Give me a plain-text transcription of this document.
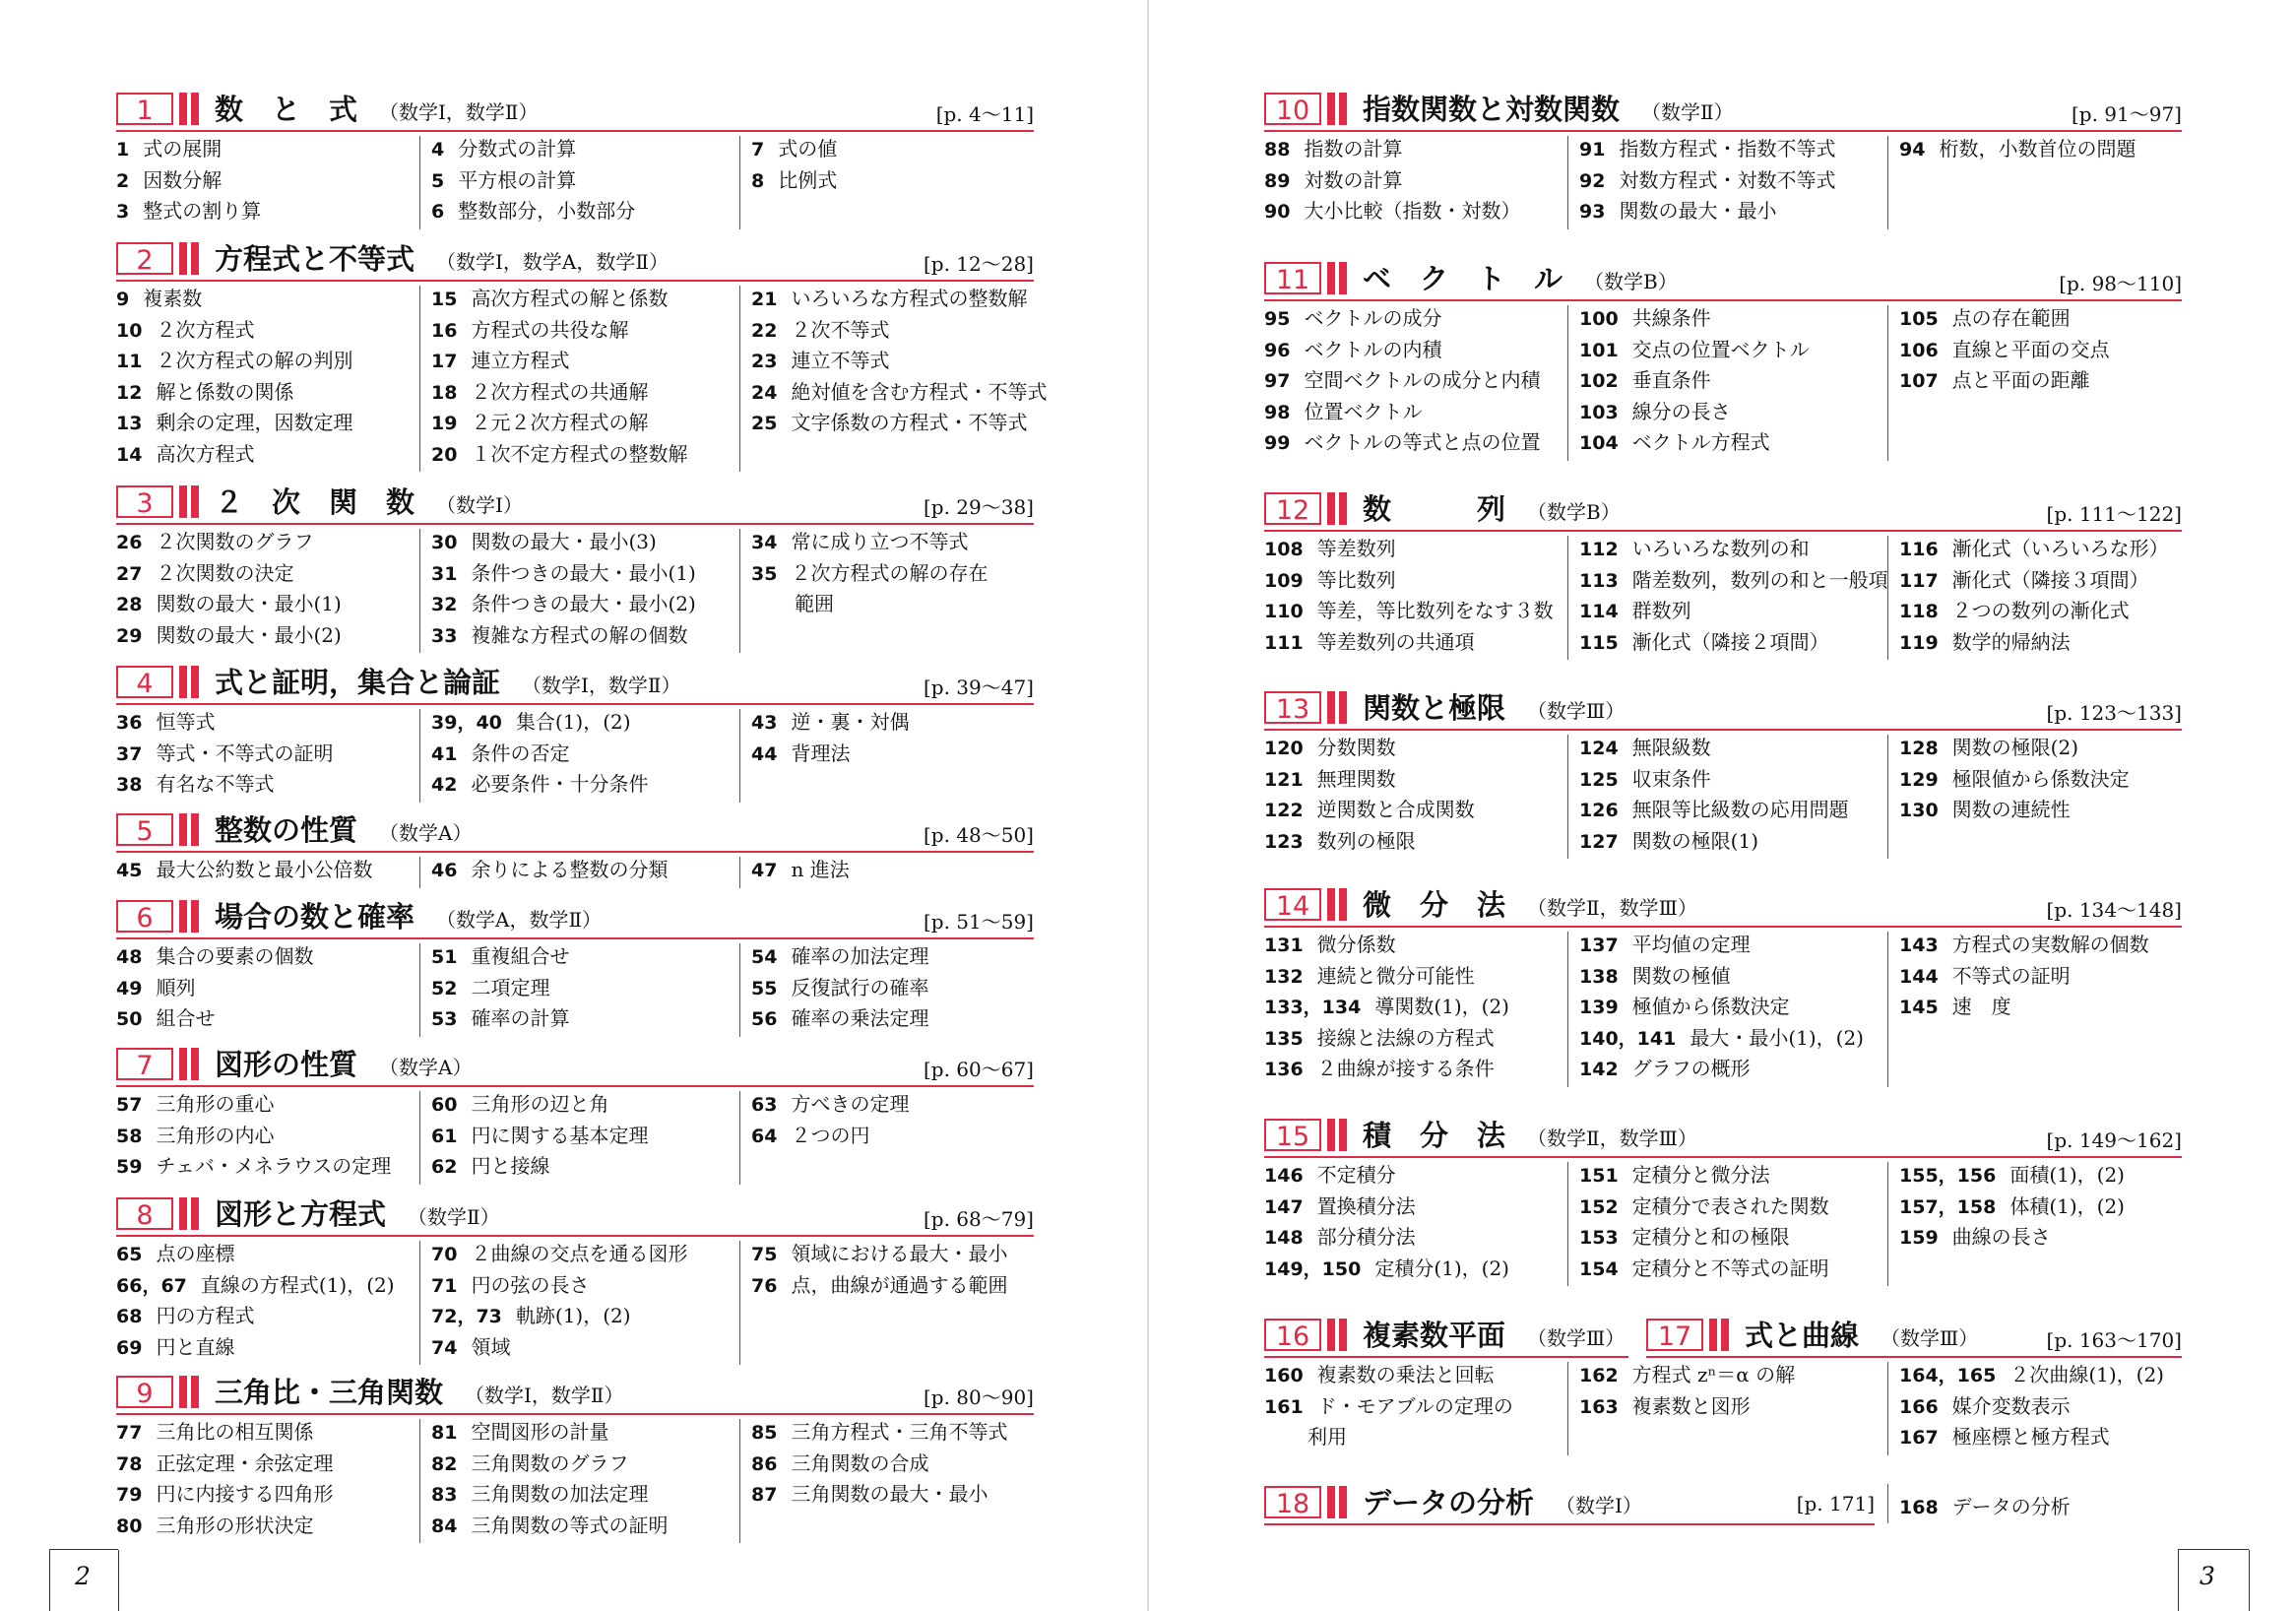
1	数　と　式 （数学Ⅰ，数学Ⅱ）	[p. 4〜11]
1 式の展開
2 因数分解
3 整式の割り算
4 分数式の計算
5 平方根の計算
6 整数部分，小数部分
7 式の値
8 比例式
2	方程式と不等式 （数学Ⅰ，数学A，数学Ⅱ）	[p. 12〜28]
9 複素数
10 ２次方程式
11 ２次方程式の解の判別
12 解と係数の関係
13 剰余の定理，因数定理
14 高次方程式
15 高次方程式の解と係数
16 方程式の共役な解
17 連立方程式
18 ２次方程式の共通解
19 ２元２次方程式の解
20 １次不定方程式の整数解
21 いろいろな方程式の整数解
22 ２次不等式
23 連立不等式
24 絶対値を含む方程式・不等式
25 文字係数の方程式・不等式
3	２　次　関　数 （数学Ⅰ）	[p. 29〜38]
26 ２次関数のグラフ
27 ２次関数の決定
28 関数の最大・最小(1)
29 関数の最大・最小(2)
30 関数の最大・最小(3)
31 条件つきの最大・最小(1)
32 条件つきの最大・最小(2)
33 複雑な方程式の解の個数
34 常に成り立つ不等式
35 ２次方程式の解の存在
範囲
4	式と証明，集合と論証 （数学Ⅰ，数学Ⅱ）	[p. 39〜47]
36 恒等式
37 等式・不等式の証明
38 有名な不等式
39，40 集合(1)，(2)
41 条件の否定
42 必要条件・十分条件
43 逆・裏・対偶
44 背理法
5	整数の性質 （数学A）	[p. 48〜50]
45 最大公約数と最小公倍数	46 余りによる整数の分類	47 n 進法
6	場合の数と確率 （数学A，数学Ⅱ）	[p. 51〜59]
48 集合の要素の個数
49 順列
50 組合せ
51 重複組合せ
52 二項定理
53 確率の計算
54 確率の加法定理
55 反復試行の確率
56 確率の乗法定理
7	図形の性質 （数学A）	[p. 60〜67]
57 三角形の重心
58 三角形の内心
59 チェバ・メネラウスの定理
60 三角形の辺と角
61 円に関する基本定理
62 円と接線
63 方べきの定理
64 ２つの円
8	図形と方程式 （数学Ⅱ）	[p. 68〜79]
65 点の座標
66，67 直線の方程式(1)，(2)
68 円の方程式
69 円と直線
70 ２曲線の交点を通る図形
71 円の弦の長さ
72，73 軌跡(1)，(2)
74 領域
75 領域における最大・最小
76 点，曲線が通過する範囲
9	三角比・三角関数 （数学Ⅰ，数学Ⅱ）	[p. 80〜90]
77 三角比の相互関係
78 正弦定理・余弦定理
79 円に内接する四角形
80 三角形の形状決定
81 空間図形の計量
82 三角関数のグラフ
83 三角関数の加法定理
84 三角関数の等式の証明
85 三角方程式・三角不等式
86 三角関数の合成
87 三角関数の最大・最小
2
10	指数関数と対数関数 （数学Ⅱ）	[p. 91〜97]
88 指数の計算
89 対数の計算
90 大小比較（指数・対数）
91 指数方程式・指数不等式
92 対数方程式・対数不等式
93 関数の最大・最小
94 桁数，小数首位の問題
11	ベ　ク　ト　ル （数学B）	[p. 98〜110]
95 ベクトルの成分
96 ベクトルの内積
97 空間ベクトルの成分と内積
98 位置ベクトル
99 ベクトルの等式と点の位置
100 共線条件
101 交点の位置ベクトル
102 垂直条件
103 線分の長さ
104 ベクトル方程式
105 点の存在範囲
106 直線と平面の交点
107 点と平面の距離
12	数　　　列 （数学B）	[p. 111〜122]
108 等差数列
109 等比数列
110 等差，等比数列をなす３数
111 等差数列の共通項
112 いろいろな数列の和
113 階差数列，数列の和と一般項
114 群数列
115 漸化式（隣接２項間）
116 漸化式（いろいろな形）
117 漸化式（隣接３項間）
118 ２つの数列の漸化式
119 数学的帰納法
13	関数と極限 （数学Ⅲ）	[p. 123〜133]
120 分数関数
121 無理関数
122 逆関数と合成関数
123 数列の極限
124 無限級数
125 収束条件
126 無限等比級数の応用問題
127 関数の極限(1)
128 関数の極限(2)
129 極限値から係数決定
130 関数の連続性
14	微　分　法 （数学Ⅱ，数学Ⅲ）	[p. 134〜148]
131 微分係数
132 連続と微分可能性
133，134 導関数(1)，(2)
135 接線と法線の方程式
136 ２曲線が接する条件
137 平均値の定理
138 関数の極値
139 極値から係数決定
140，141 最大・最小(1)，(2)
142 グラフの概形
143 方程式の実数解の個数
144 不等式の証明
145 速　度
15	積　分　法 （数学Ⅱ，数学Ⅲ）	[p. 149〜162]
146 不定積分
147 置換積分法
148 部分積分法
149，150 定積分(1)，(2)
151 定積分と微分法
152 定積分で表された関数
153 定積分と和の極限
154 定積分と不等式の証明
155，156 面積(1)，(2)
157，158 体積(1)，(2)
159 曲線の長さ
16	複素数平面 （数学Ⅲ）	17	式と曲線 （数学Ⅲ）	[p. 163〜170]
160 複素数の乗法と回転
161 ド・モアブルの定理の
利用
162 方程式 zⁿ＝α の解
163 複素数と図形
164，165 ２次曲線(1)，(2)
166 媒介変数表示
167 極座標と極方程式
18	データの分析 （数学Ⅰ）	[p. 171] 168 データの分析
3
